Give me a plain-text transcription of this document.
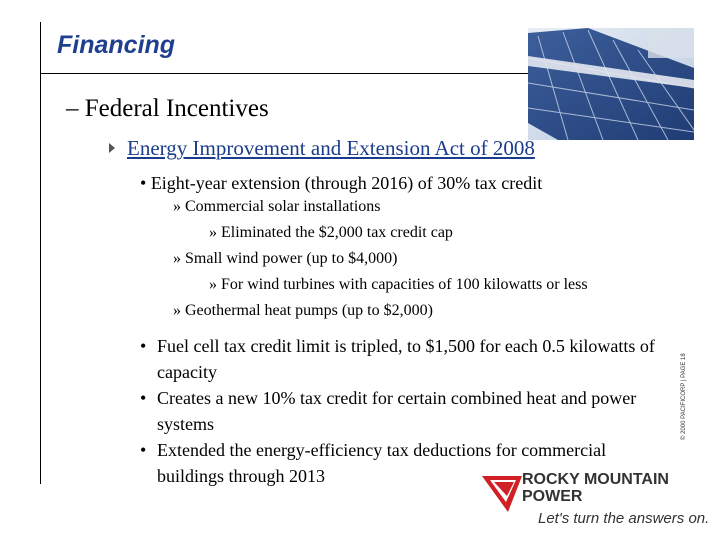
Financing
– Federal Incentives
Energy Improvement and Extension Act of 2008
• Eight-year extension (through 2016) of 30% tax credit
» Commercial solar installations
» Eliminated the $2,000 tax credit cap
» Small wind power (up to $4,000)
» For wind turbines with capacities of 100 kilowatts or less
» Geothermal heat pumps (up to $2,000)
• Fuel cell tax credit limit is tripled, to $1,500 for each 0.5 kilowatts of capacity
• Creates a new 10% tax credit for certain combined heat and power systems
• Extended the energy-efficiency tax deductions for commercial buildings through 2013
© 2000 PACIFICORP | PAGE 18
ROCKY MOUNTAIN
POWER
Let's turn the answers on.
